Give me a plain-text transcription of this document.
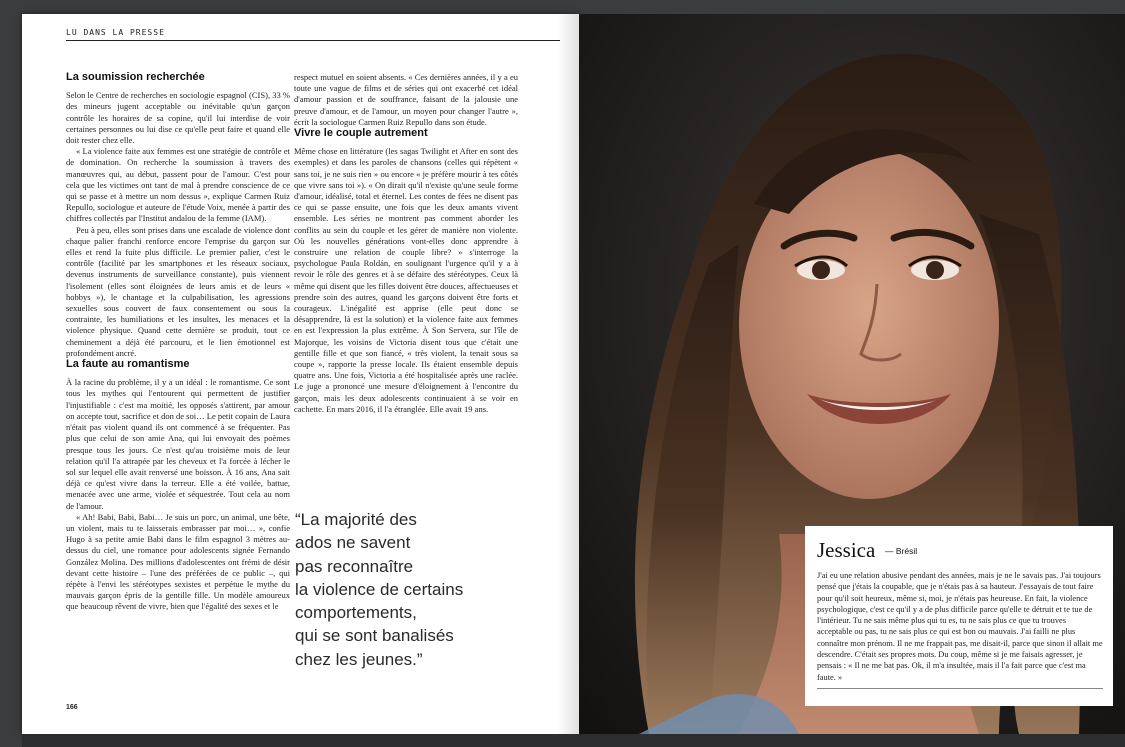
LU DANS LA PRESSE
La soumission recherchée

Selon le Centre de recherches en sociologie espagnol (CIS), 33 % des mineurs jugent acceptable ou inévitable qu'un garçon contrôle les horaires de sa copine, qu'il lui interdise de voir certaines personnes ou lui dise ce qu'elle peut faire et quand elle doit rester chez elle.

« La violence faite aux femmes est une stratégie de contrôle et de domination. On recherche la soumission à travers des manœuvres qui, au début, passent pour de l'amour. C'est pour cela que les victimes ont tant de mal à prendre conscience de ce qui se passe et à mettre un nom dessus », explique Carmen Ruiz Repullo, sociologue et auteure de l'étude Voix, menée à partir des chiffres collectés par l'Institut andalou de la femme (IAM).

Peu à peu, elles sont prises dans une escalade de violence dont chaque palier franchi renforce encore l'emprise du garçon sur elles et rend la fuite plus difficile. Le premier palier, c'est le contrôle (facilité par les smartphones et les réseaux sociaux, devenus instruments de surveillance constante), puis viennent l'isolement (elles sont éloignées de leurs amis et de leurs « hobbys »), le chantage et la culpabilisation, les agressions sexuelles sous couvert de faux consentement ou sous la contrainte, les humiliations et les insultes, les menaces et la violence physique. Quand cette dernière se produit, tout ce cheminement a déjà été parcouru, et le lien émotionnel est profondément ancré.

La faute au romantisme

À la racine du problème, il y a un idéal : le romantisme. Ce sont tous les mythes qui l'entourent qui permettent de justifier l'injustifiable : c'est ma moitié, les opposés s'attirent, par amour on accepte tout, sacrifice et don de soi… Le petit copain de Laura n'était pas violent quand ils ont commencé à se fréquenter. Pas plus que celui de son amie Ana, qui lui envoyait des poèmes presque tous les jours. Ce n'est qu'au troisième mois de leur relation qu'il l'a attrapée par les cheveux et l'a forcée à lécher le sol sur lequel elle avait renversé une boisson. À 16 ans, Ana sait déjà ce qu'est vivre dans la terreur. Elle a été voilée, battue, menacée avec une arme, violée et séquestrée. Tout cela au nom de l'amour.

« Ah! Babi, Babi, Babi… Je suis un porc, un animal, une bête, un violent, mais tu te laisserais embrasser par moi… », confie Hugo à sa petite amie Babi dans le film espagnol 3 mètres au-dessus du ciel, une romance pour adolescents signée Fernando González Molina. Des millions d'adolescentes ont frémi de désir devant cette histoire – l'une des préférées de ce public –, qui répète à l'envi les stéréotypes sexistes et perpétue le mythe du mauvais garçon épris de la gentille fille. Un modèle amoureux que beaucoup rêvent de vivre, bien que l'égalité des sexes et le

respect mutuel en soient absents. « Ces dernières années, il y a eu toute une vague de films et de séries qui ont exacerbé cet idéal d'amour passion et de souffrance, faisant de la jalousie une preuve d'amour, et de l'amour, un moyen pour changer l'autre », écrit la sociologue Carmen Ruiz Repullo dans son étude.

Vivre le couple autrement

Même chose en littérature (les sagas Twilight et After en sont des exemples) et dans les paroles de chansons (celles qui répètent « sans toi, je ne suis rien » ou encore « je préfère mourir à tes côtés que vivre sans toi »). « On dirait qu'il n'existe qu'une seule forme d'amour, idéalisé, total et éternel. Les contes de fées ne disent pas ce qui se passe ensuite, une fois que les deux amants vivent ensemble. Les séries ne montrent pas comment aborder les conflits au sein du couple et les gérer de manière non violente. Où les nouvelles générations vont-elles donc apprendre à construire une relation de couple libre? » s'interroge la psychologue Paula Roldán, en soulignant l'urgence qu'il y a à revoir le rôle des genres et à se défaire des stéréotypes. Ceux là même qui disent que les filles doivent être douces, affectueuses et prendre soin des autres, quand les garçons doivent être forts et courageux. L'inégalité est apprise (elle peut donc se désapprendre, là est la solution) et la violence faite aux femmes en est l'expression la plus extrême. À Son Servera, sur l'île de Majorque, les voisins de Victoria disent tous que c'était une gentille fille et que son fiancé, « très violent, la tenait sous sa coupe », rapporte la presse locale. Ils étaient ensemble depuis quatre ans. Une fois, Victoria a été hospitalisée après une raclée. Le juge a prononcé une mesure d'éloignement à l'encontre du garçon, mais les deux adolescents continuaient à se voir en cachette. En mars 2016, il l'a étranglée. Elle avait 19 ans.

“La majorité des
ados ne savent
pas reconnaître
la violence de certains
comportements,
qui se sont banalisés
chez les jeunes.”
166
Jessica — Brésil
J'ai eu une relation abusive pendant des années, mais je ne le savais pas. J'ai toujours pensé que j'étais la coupable, que je n'étais pas à sa hauteur. J'essayais de tout faire pour qu'il soit heureux, même si, moi, je n'étais pas heureuse. En fait, la violence psychologique, c'est ce qu'il y a de plus difficile parce qu'elle te détruit et te tue de l'intérieur. Tu ne sais même plus qui tu es, tu ne sais plus ce que tu trouves acceptable ou pas, tu ne sais plus ce qui est bon ou mauvais. J'ai failli ne plus connaître mon prénom. Il ne me frappait pas, me disait-il, parce que sinon il allait me descendre. C'était ses propres mots. Du coup, même si je me faisais agresser, je pensais : « Il ne me bat pas. Ok, il m'a insultée, mais il l'a fait parce que c'est ma faute. »
